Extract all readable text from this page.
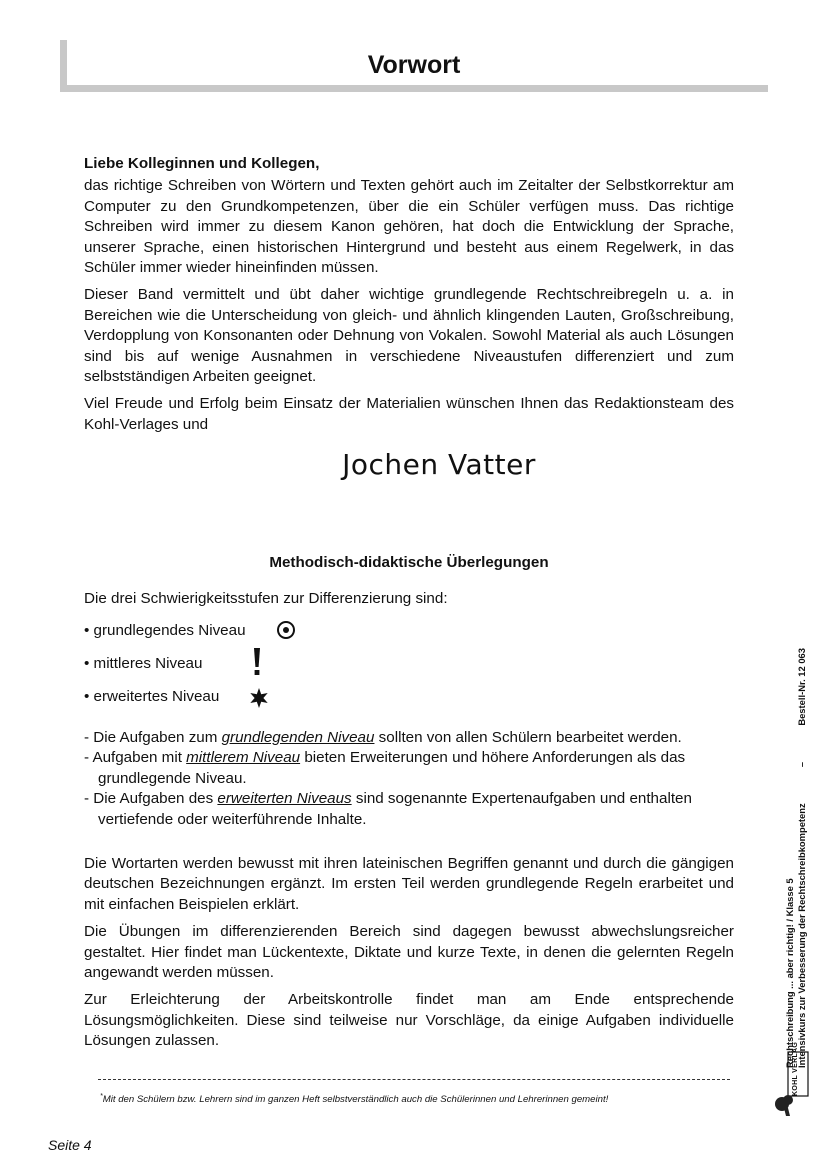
Vorwort

Liebe Kolleginnen und Kollegen,

das richtige Schreiben von Wörtern und Texten gehört auch im Zeitalter der Selbstkorrektur am Computer zu den Grundkompetenzen, über die ein Schüler verfügen muss. Das richtige Schreiben wird immer zu diesem Kanon gehören, hat doch die Entwicklung der Sprache, unserer Sprache, einen historischen Hintergrund und besteht aus einem Regelwerk, in das Schüler immer wieder hineinfinden müssen.

Dieser Band vermittelt und übt daher wichtige grundlegende Rechtschreibregeln u. a. in Bereichen wie die Unterscheidung von gleich- und ähnlich klingenden Lauten, Großschreibung, Verdopplung von Konsonanten oder Dehnung von Vokalen. Sowohl Material als auch Lösungen sind bis auf wenige Ausnahmen in verschiedene Niveaustufen differenziert und zum selbstständigen Arbeiten geeignet.

Viel Freude und Erfolg beim Einsatz der Materialien wünschen Ihnen das Redaktionsteam des Kohl-Verlages und

Jochen Vatter
Methodisch-didaktische Überlegungen
Die drei Schwierigkeitsstufen zur Differenzierung sind:
• grundlegendes Niveau
• mittleres Niveau
• erweitertes Niveau

- Die Aufgaben zum grundlegenden Niveau sollten von allen Schülern bearbeitet werden.

- Aufgaben mit mittlerem Niveau bieten Erweiterungen und höhere Anforderungen als das grundlegende Niveau.

- Die Aufgaben des erweiterten Niveaus sind sogenannte Expertenaufgaben und enthalten vertiefende oder weiterführende Inhalte.

Die Wortarten werden bewusst mit ihren lateinischen Begriffen genannt und durch die gängigen deutschen Bezeichnungen ergänzt. Im ersten Teil werden grundlegende Regeln erarbeitet und mit einfachen Beispielen erklärt.

Die Übungen im differenzierenden Bereich sind dagegen bewusst abwechslungsreicher gestaltet. Hier findet man Lückentexte, Diktate und kurze Texte, in denen die gelernten Regeln angewandt werden müssen.

Zur Erleichterung der Arbeitskontrolle findet man am Ende entsprechende Lösungsmöglichkeiten. Diese sind teilweise nur Vorschläge, da einige Aufgaben individuelle Lösungen zulassen.

*Mit den Schülern bzw. Lehrern sind im ganzen Heft selbstverständlich auch die Schülerinnen und Lehrerinnen gemeint!
Seite 4
Rechtschreibung ... aber richtig! / Klasse 5 Intensivkurs zur Verbesserung der Rechtschreibkompetenz
–
Bestell-Nr. 12 063
KOHL VERLAG
